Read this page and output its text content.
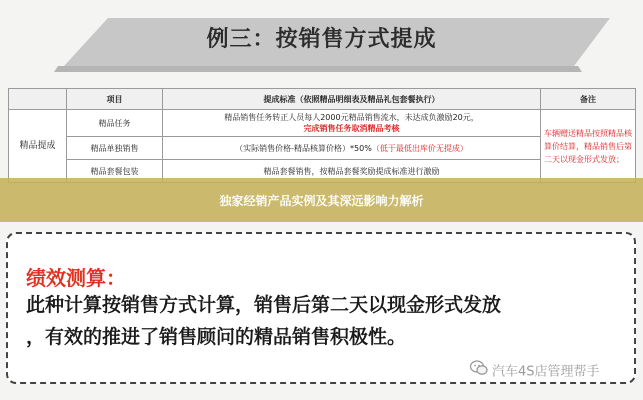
例三：按销售方式提成
	项目	提成标准（依照精品明细表及精品礼包套餐执行）	备注
精品提成	精品任务	精品销售任务转正人员每人2000元精品销售流水，未达成负激励20元，
完成销售任务取消精品考核	车辆赠送精品按照精品核算价结算，精品销售后第二天以现金形式发放；
	精品单独销售	（实际销售价格-精品核算价格）*50%（低于最低出库价无提成）	
	精品套餐包装	精品套餐销售，按精品套餐奖励提成标准进行激励	
独家经销产品实例及其深远影响力解析
绩效测算：
此种计算按销售方式计算，销售后第二天以现金形式发放
，有效的推进了销售顾问的精品销售积极性。
汽车4S店管理帮手
